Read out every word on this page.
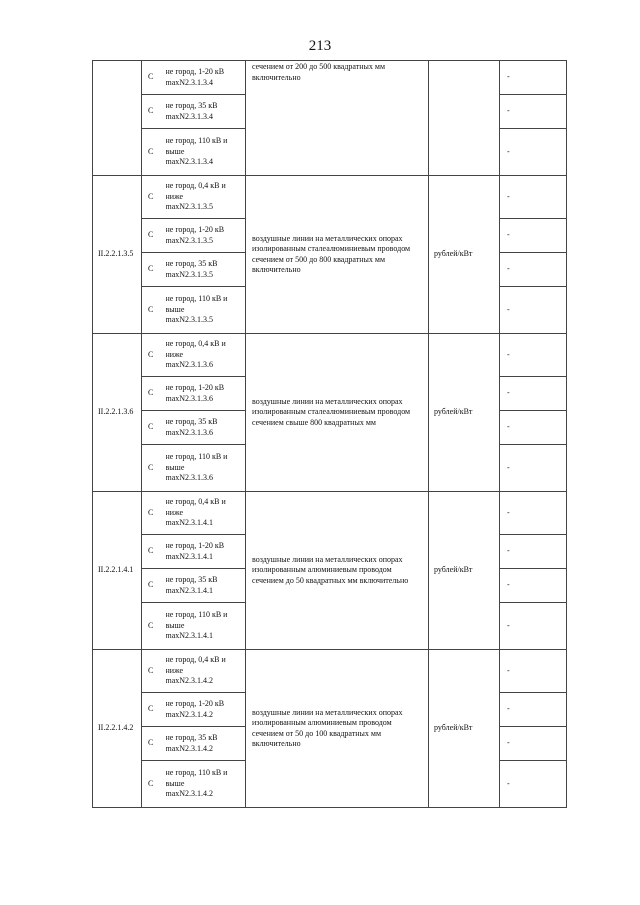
213
	С	не город, 1-20 кВ
maxN2.3.1.3.4	сечением от 200 до 500 квадратных мм
включительно		-
	С	не город, 35 кВ
maxN2.3.1.3.4			-
	С	не город, 110 кВ и
выше
maxN2.3.1.3.4			-
II.2.2.1.3.5	С	не город, 0,4 кВ и
ниже
maxN2.3.1.3.5	воздушные линии на металлических опорах
изолированным сталеалюминиевым проводом
сечением от 500 до 800 квадратных мм
включительно	рублей/кВт	-
	С	не город, 1-20 кВ
maxN2.3.1.3.5			-
	С	не город, 35 кВ
maxN2.3.1.3.5			-
	С	не город, 110 кВ и
выше
maxN2.3.1.3.5			-
II.2.2.1.3.6	С	не город, 0,4 кВ и
ниже
maxN2.3.1.3.6	воздушные линии на металлических опорах
изолированным сталеалюминиевым проводом
сечением свыше 800 квадратных мм	рублей/кВт	-
	С	не город, 1-20 кВ
maxN2.3.1.3.6			-
	С	не город, 35 кВ
maxN2.3.1.3.6			-
	С	не город, 110 кВ и
выше
maxN2.3.1.3.6			-
II.2.2.1.4.1	С	не город, 0,4 кВ и
ниже
maxN2.3.1.4.1	воздушные линии на металлических опорах
изолированным алюминиевым проводом
сечением до 50 квадратных мм включительно	рублей/кВт	-
	С	не город, 1-20 кВ
maxN2.3.1.4.1			-
	С	не город, 35 кВ
maxN2.3.1.4.1			-
	С	не город, 110 кВ и
выше
maxN2.3.1.4.1			-
II.2.2.1.4.2	С	не город, 0,4 кВ и
ниже
maxN2.3.1.4.2	воздушные линии на металлических опорах
изолированным алюминиевым проводом
сечением от 50 до 100 квадратных мм
включительно	рублей/кВт	-
	С	не город, 1-20 кВ
maxN2.3.1.4.2			-
	С	не город, 35 кВ
maxN2.3.1.4.2			-
	С	не город, 110 кВ и
выше
maxN2.3.1.4.2			-
